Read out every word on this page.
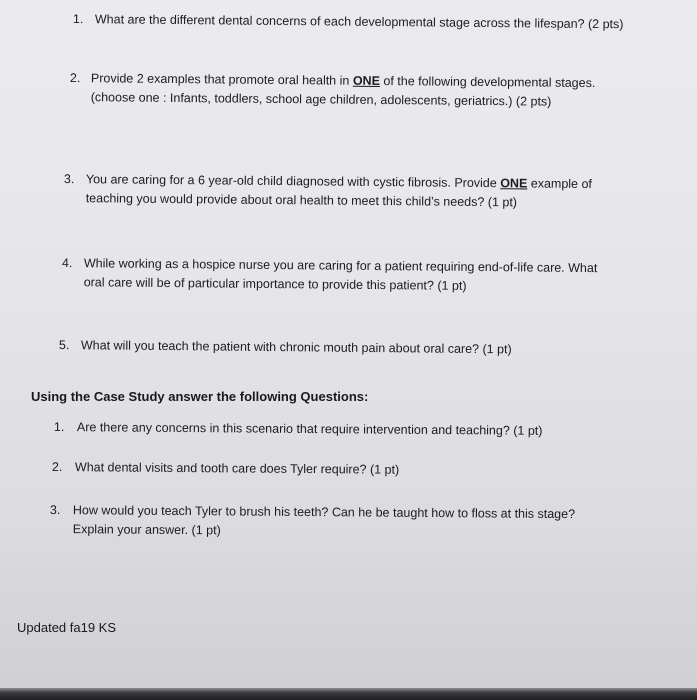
1. What are the different dental concerns of each developmental stage across the lifespan? (2 pts)
2. Provide 2 examples that promote oral health in ONE of the following developmental stages.
(choose one : Infants, toddlers, school age children, adolescents, geriatrics.) (2 pts)
3. You are caring for a 6 year-old child diagnosed with cystic fibrosis. Provide ONE example of
teaching you would provide about oral health to meet this child’s needs? (1 pt)
4. While working as a hospice nurse you are caring for a patient requiring end-of-life care. What
oral care will be of particular importance to provide this patient? (1 pt)
5. What will you teach the patient with chronic mouth pain about oral care? (1 pt)
Using the Case Study answer the following Questions:
1. Are there any concerns in this scenario that require intervention and teaching? (1 pt)
2. What dental visits and tooth care does Tyler require? (1 pt)
3. How would you teach Tyler to brush his teeth? Can he be taught how to floss at this stage?
Explain your answer. (1 pt)
Updated fa19 KS
